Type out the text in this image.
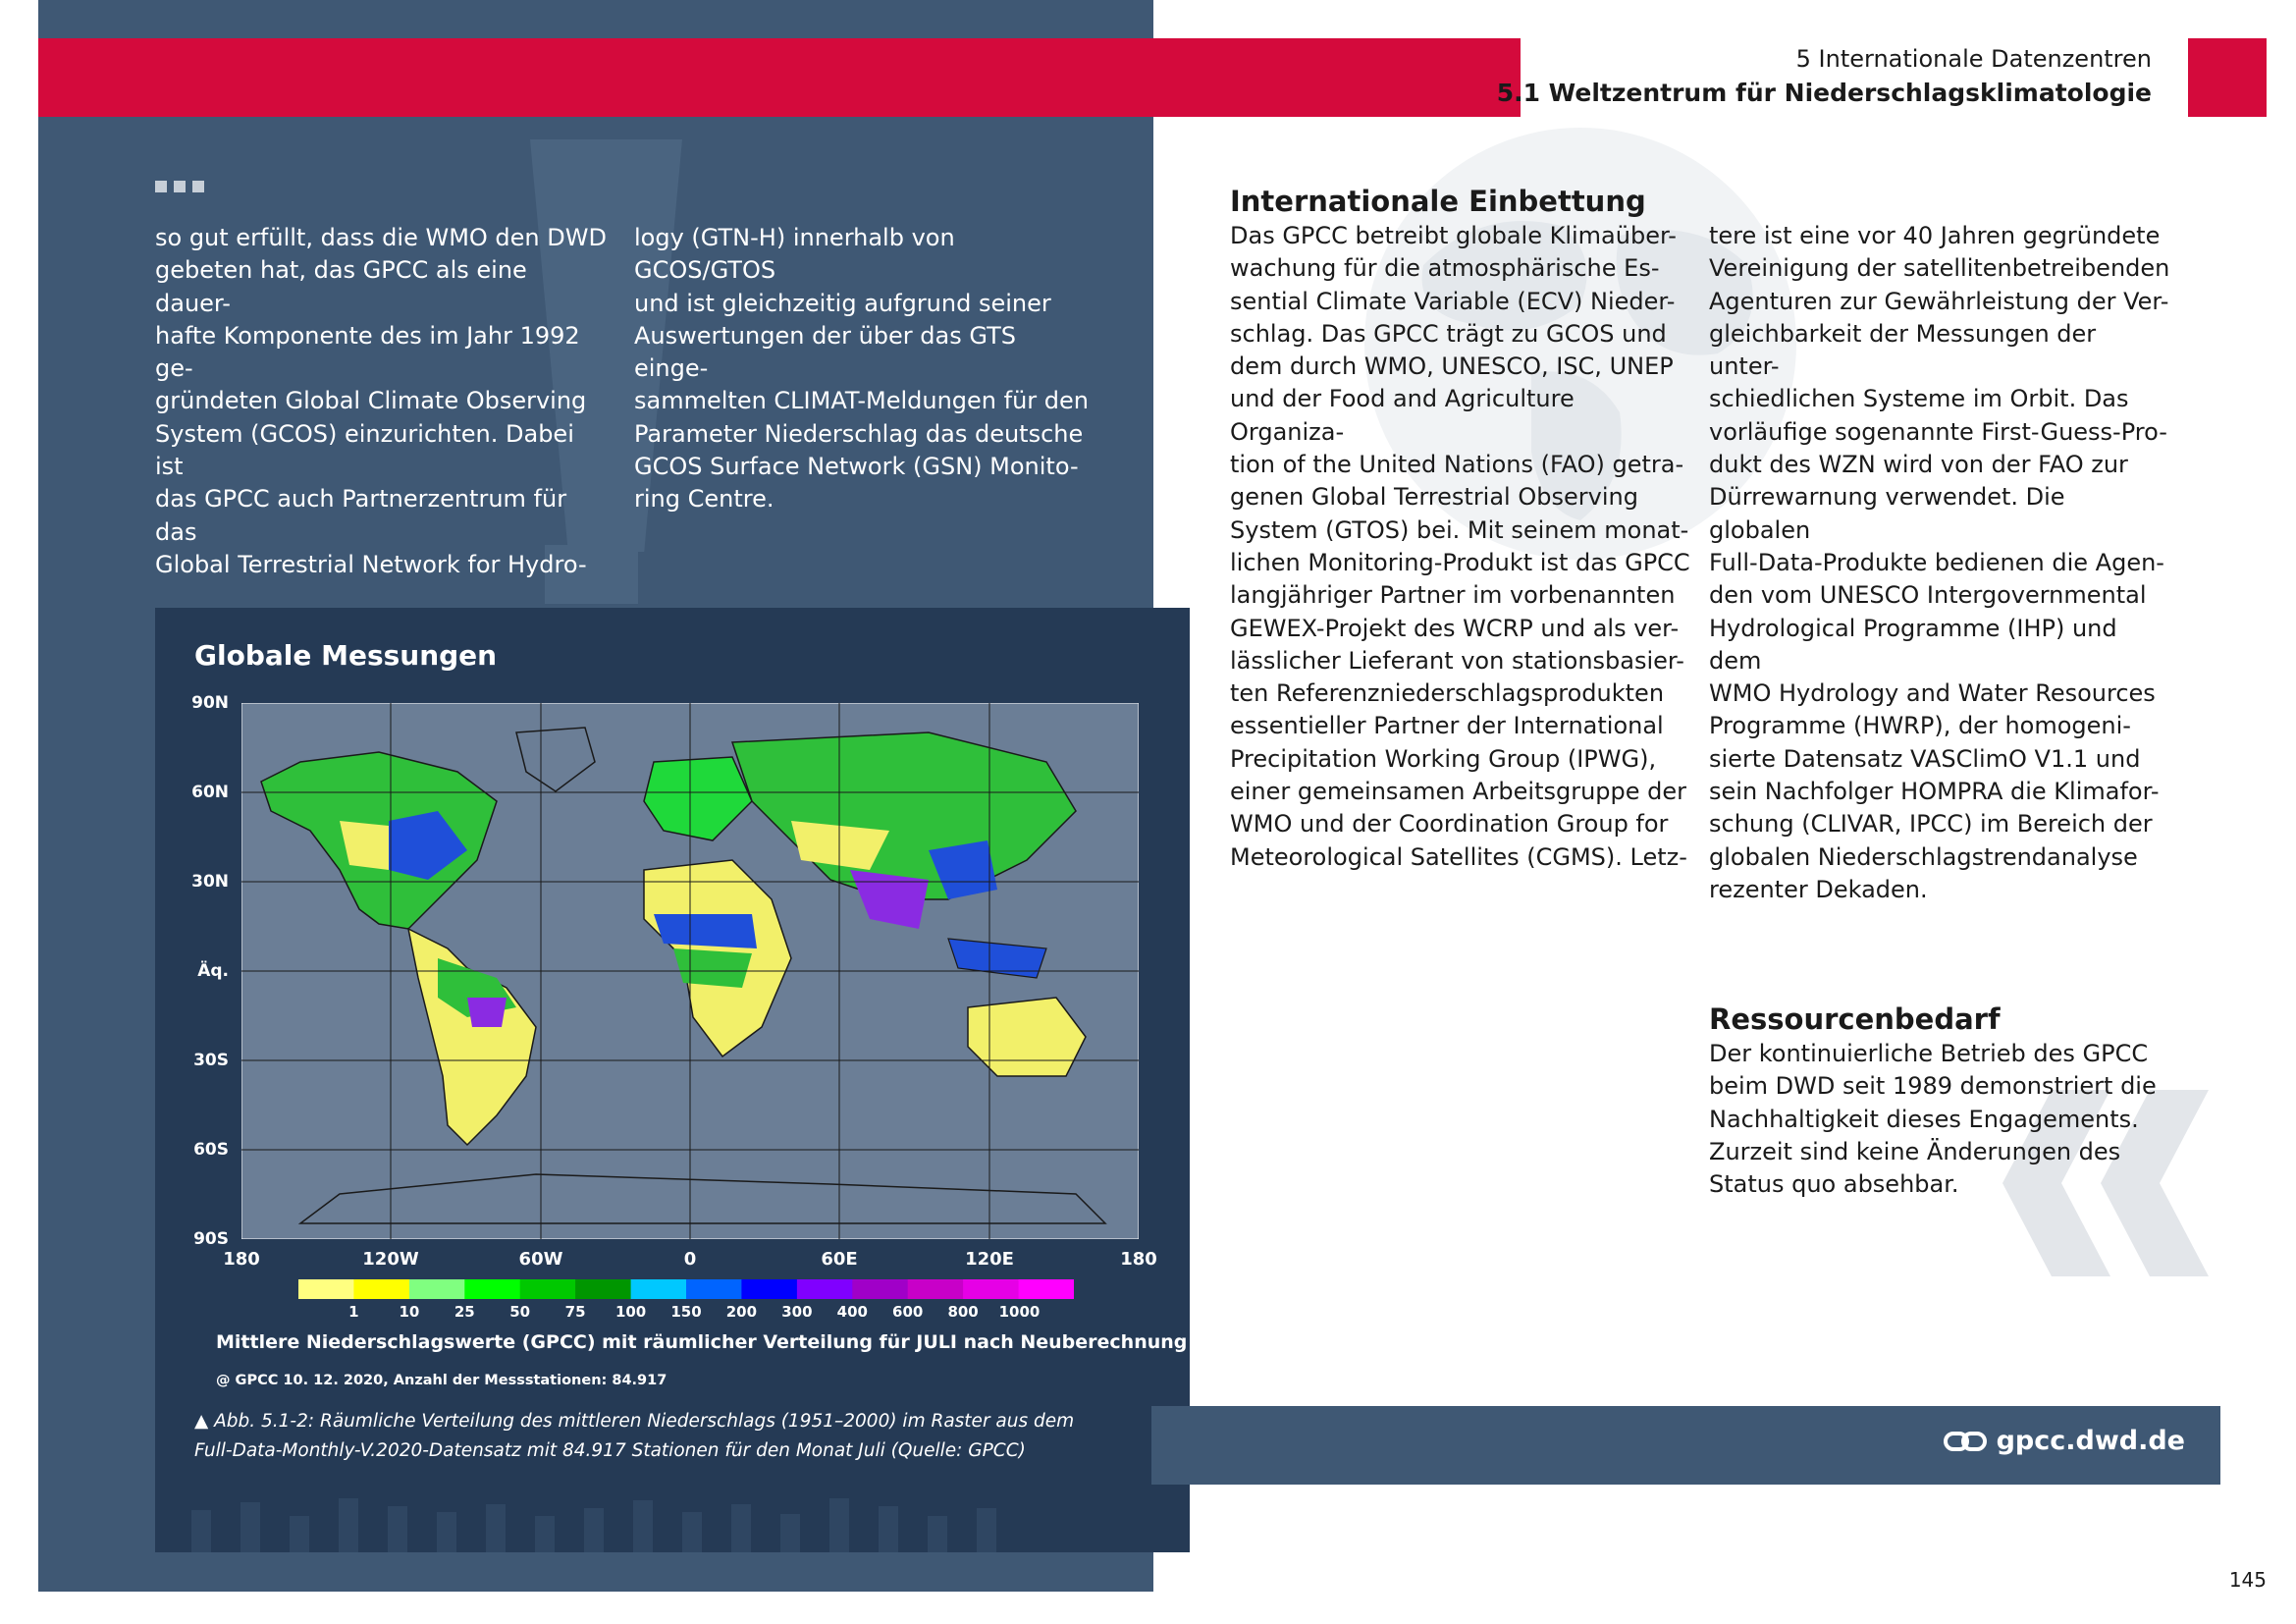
5 Internationale Datenzentren
5.1 Weltzentrum für Niederschlagsklimatologie
so gut erfüllt, dass die WMO den DWD
gebeten hat, das GPCC als eine dauer-
hafte Komponente des im Jahr 1992 ge-
gründeten Global Climate Observing
System (GCOS) einzurichten. Dabei ist
das GPCC auch Partnerzentrum für das
Global Terrestrial Network for Hydro-
logy (GTN-H) innerhalb von GCOS/GTOS
und ist gleichzeitig aufgrund seiner
Auswertungen der über das GTS einge-
sammelten CLIMAT-Meldungen für den
Parameter Niederschlag das deutsche
GCOS Surface Network (GSN) Monito-
ring Centre.
Globale Messungen
90N
60N
30N
Äq.
30S
60S
90S
180	120W	60W	0	60E	120E	180
1	10	25	50	75	100 150 200 300 400 600 800 1000
Mittlere Niederschlagswerte (GPCC) mit räumlicher Verteilung für JULI nach Neuberechnung im Herbst 2020
@ GPCC 10. 12. 2020, Anzahl der Messstationen: 84.917
▲ Abb. 5.1-2: Räumliche Verteilung des mittleren Niederschlags (1951–2000) im Raster aus dem
Full-Data-Monthly-V.2020-Datensatz mit 84.917 Stationen für den Monat Juli (Quelle: GPCC)
Internationale Einbettung
Das GPCC betreibt globale Klimaüber-
wachung für die atmosphärische Es-
sential Climate Variable (ECV) Nieder-
schlag. Das GPCC trägt zu GCOS und
dem durch WMO, UNESCO, ISC, UNEP
und der Food and Agriculture Organiza-
tion of the United Nations (FAO) getra-
genen Global Terrestrial Observing
System (GTOS) bei. Mit seinem monat-
lichen Monitoring-Produkt ist das GPCC
langjähriger Partner im vorbenannten
GEWEX-Projekt des WCRP und als ver-
lässlicher Lieferant von stationsbasier-
ten Referenzniederschlagsprodukten
essentieller Partner der International
Precipitation Working Group (IPWG),
einer gemeinsamen Arbeitsgruppe der
WMO und der Coordination Group for
Meteorological Satellites (CGMS). Letz-
tere ist eine vor 40 Jahren gegründete
Vereinigung der satellitenbetreibenden
Agenturen zur Gewährleistung der Ver-
gleichbarkeit der Messungen der unter-
schiedlichen Systeme im Orbit. Das
vorläufige sogenannte First-Guess-Pro-
dukt des WZN wird von der FAO zur
Dürrewarnung verwendet. Die globalen
Full-Data-Produkte bedienen die Agen-
den vom UNESCO Intergovernmental
Hydrological Programme (IHP) und dem
WMO Hydrology and Water Resources
Programme (HWRP), der homogeni-
sierte Datensatz VASClimO V1.1 und
sein Nachfolger HOMPRA die Klimafor-
schung (CLIVAR, IPCC) im Bereich der
globalen Niederschlagstrendanalyse
rezenter Dekaden.
Ressourcenbedarf
Der kontinuierliche Betrieb des GPCC
beim DWD seit 1989 demonstriert die
Nachhaltigkeit dieses Engagements.
Zurzeit sind keine Änderungen des
Status quo absehbar.
gpcc.dwd.de
145
